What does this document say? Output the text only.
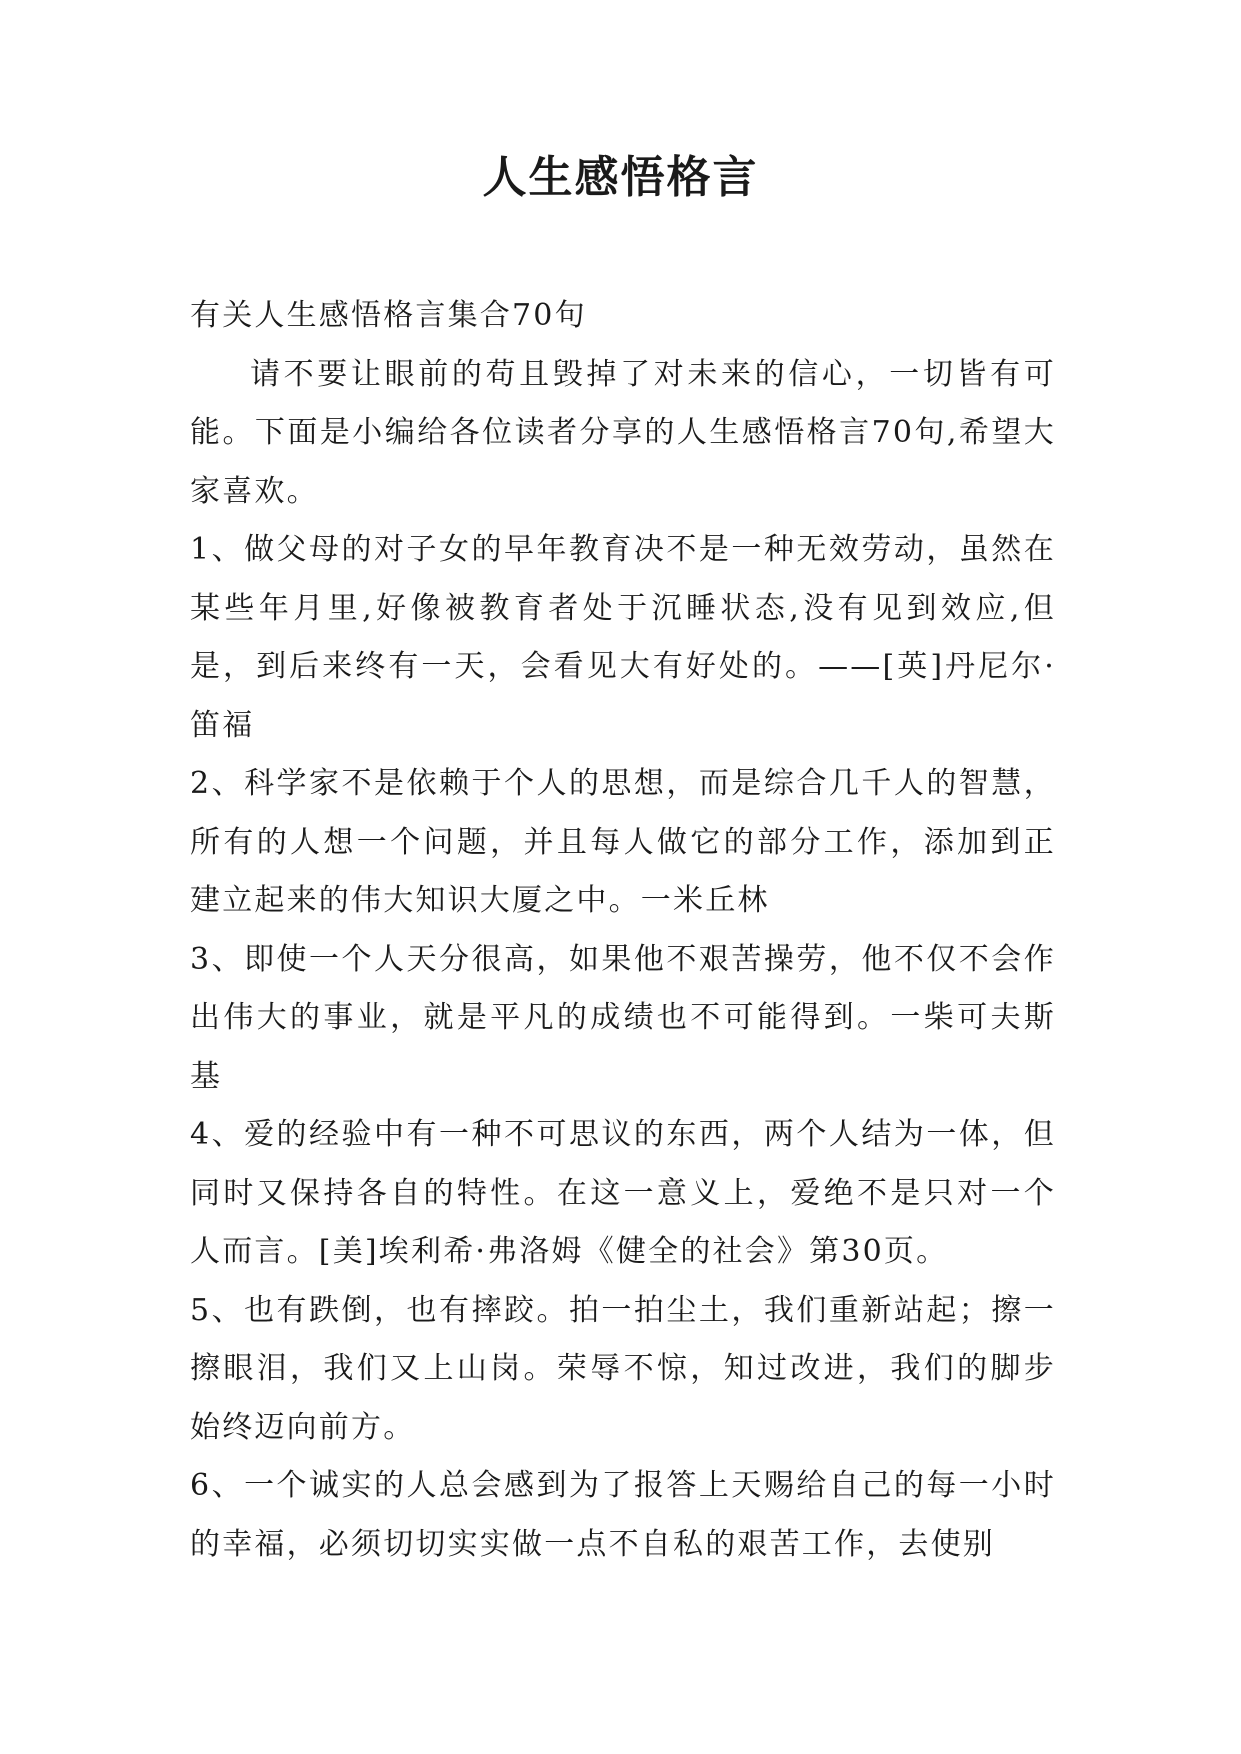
人生感悟格言

有关人生感悟格言集合70句

请不要让眼前的苟且毁掉了对未来的信心，一切皆有可能。下面是小编给各位读者分享的人生感悟格言70句,希望大家喜欢。

1、做父母的对子女的早年教育决不是一种无效劳动，虽然在某些年月里,好像被教育者处于沉睡状态,没有见到效应,但是，到后来终有一天，会看见大有好处的。——[英]丹尼尔·笛福

2、科学家不是依赖于个人的思想，而是综合几千人的智慧，所有的人想一个问题，并且每人做它的部分工作，添加到正建立起来的伟大知识大厦之中。一米丘林

3、即使一个人天分很高，如果他不艰苦操劳，他不仅不会作出伟大的事业，就是平凡的成绩也不可能得到。一柴可夫斯基

4、爱的经验中有一种不可思议的东西，两个人结为一体，但同时又保持各自的特性。在这一意义上，爱绝不是只对一个人而言。[美]埃利希·弗洛姆《健全的社会》第30页。

5、也有跌倒，也有摔跤。拍一拍尘土，我们重新站起；擦一擦眼泪，我们又上山岗。荣辱不惊，知过改进，我们的脚步始终迈向前方。

6、一个诚实的人总会感到为了报答上天赐给自己的每一小时的幸福，必须切切实实做一点不自私的艰苦工作，去使别
